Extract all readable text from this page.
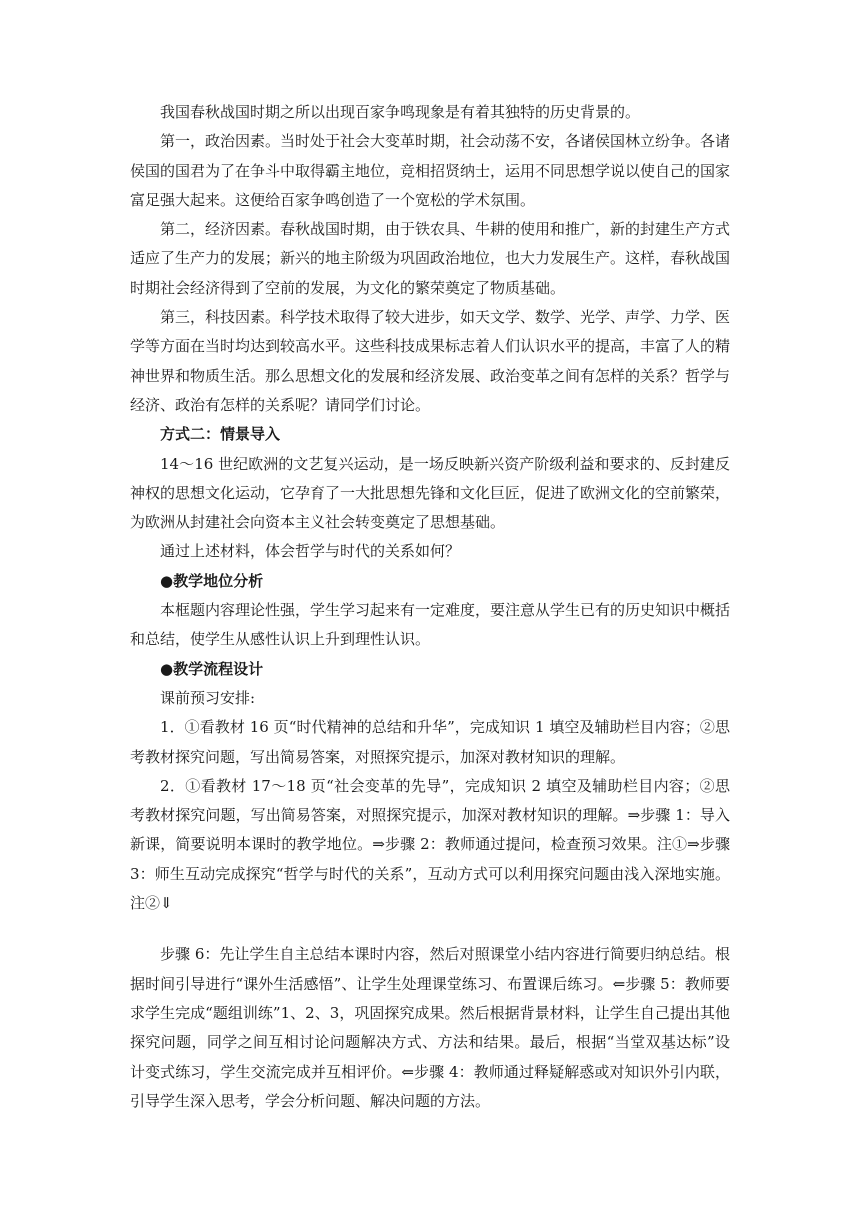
我国春秋战国时期之所以出现百家争鸣现象是有着其独特的历史背景的。

第一，政治因素。当时处于社会大变革时期，社会动荡不安，各诸侯国林立纷争。各诸侯国的国君为了在争斗中取得霸主地位，竞相招贤纳士，运用不同思想学说以使自己的国家富足强大起来。这便给百家争鸣创造了一个宽松的学术氛围。

第二，经济因素。春秋战国时期，由于铁农具、牛耕的使用和推广，新的封建生产方式适应了生产力的发展；新兴的地主阶级为巩固政治地位，也大力发展生产。这样，春秋战国时期社会经济得到了空前的发展，为文化的繁荣奠定了物质基础。

第三，科技因素。科学技术取得了较大进步，如天文学、数学、光学、声学、力学、医学等方面在当时均达到较高水平。这些科技成果标志着人们认识水平的提高，丰富了人的精神世界和物质生活。那么思想文化的发展和经济发展、政治变革之间有怎样的关系？哲学与经济、政治有怎样的关系呢？请同学们讨论。

方式二：情景导入

14～16 世纪欧洲的文艺复兴运动，是一场反映新兴资产阶级利益和要求的、反封建反神权的思想文化运动，它孕育了一大批思想先锋和文化巨匠，促进了欧洲文化的空前繁荣，为欧洲从封建社会向资本主义社会转变奠定了思想基础。

通过上述材料，体会哲学与时代的关系如何？

●教学地位分析

本框题内容理论性强，学生学习起来有一定难度，要注意从学生已有的历史知识中概括和总结，使学生从感性认识上升到理性认识。

●教学流程设计

课前预习安排:

1．①看教材 16 页“时代精神的总结和升华”，完成知识 1 填空及辅助栏目内容；②思考教材探究问题，写出简易答案，对照探究提示，加深对教材知识的理解。

2．①看教材 17～18 页“社会变革的先导”，完成知识 2 填空及辅助栏目内容；②思考教材探究问题，写出简易答案，对照探究提示，加深对教材知识的理解。⇒步骤 1：导入新课，简要说明本课时的教学地位。⇒步骤 2：教师通过提问，检查预习效果。注①⇒步骤 3：师生互动完成探究“哲学与时代的关系”，互动方式可以利用探究问题由浅入深地实施。注②⇓

步骤 6：先让学生自主总结本课时内容，然后对照课堂小结内容进行简要归纳总结。根据时间引导进行“课外生活感悟”、让学生处理课堂练习、布置课后练习。⇐步骤 5：教师要求学生完成“题组训练”1、2、3，巩固探究成果。然后根据背景材料，让学生自己提出其他探究问题，同学之间互相讨论问题解决方式、方法和结果。最后，根据“当堂双基达标”设计变式练习，学生交流完成并互相评价。⇐步骤 4：教师通过释疑解惑或对知识外引内联，引导学生深入思考，学会分析问题、解决问题的方法。
